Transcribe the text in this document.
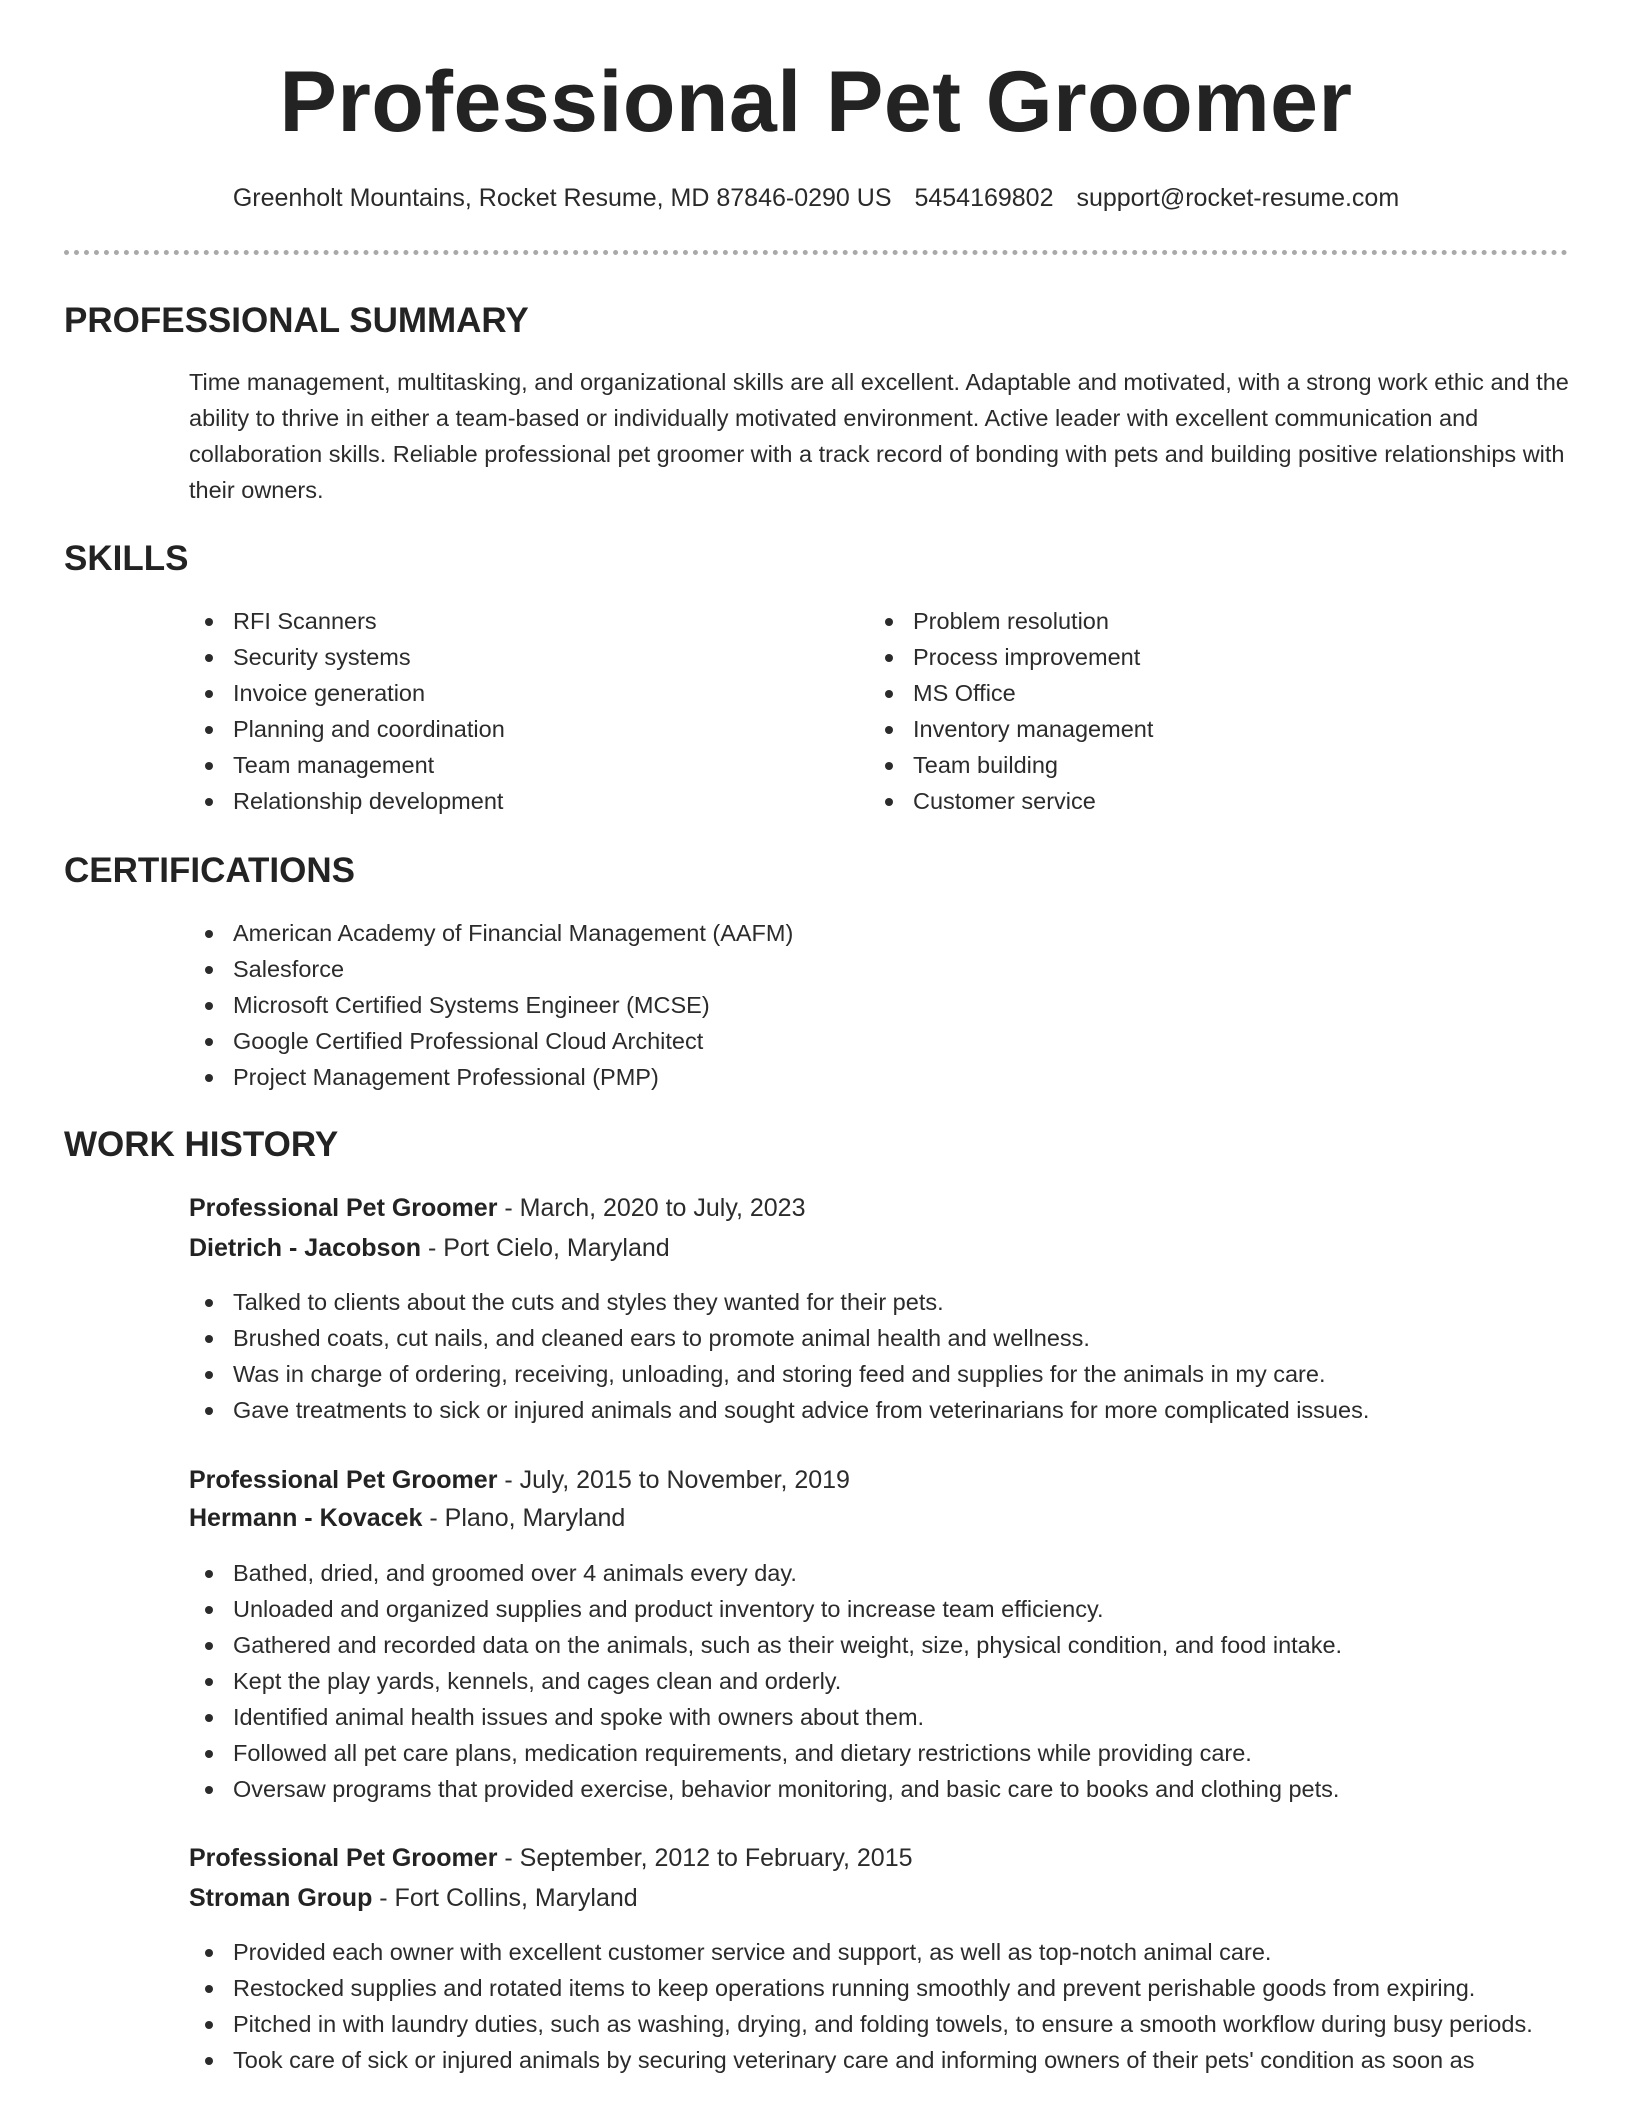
Professional Pet Groomer
Greenholt Mountains, Rocket Resume, MD 87846-0290 US 5454169802 support@rocket-resume.com
PROFESSIONAL SUMMARY
Time management, multitasking, and organizational skills are all excellent. Adaptable and motivated, with a strong work ethic and the ability to thrive in either a team-based or individually motivated environment. Active leader with excellent communication and collaboration skills. Reliable professional pet groomer with a track record of bonding with pets and building positive relationships with their owners.
SKILLS
RFI Scanners
Security systems
Invoice generation
Planning and coordination
Team management
Relationship development
Problem resolution
Process improvement
MS Office
Inventory management
Team building
Customer service
CERTIFICATIONS
American Academy of Financial Management (AAFM)
Salesforce
Microsoft Certified Systems Engineer (MCSE)
Google Certified Professional Cloud Architect
Project Management Professional (PMP)
WORK HISTORY
Professional Pet Groomer - March, 2020 to July, 2023
Dietrich - Jacobson - Port Cielo, Maryland
Talked to clients about the cuts and styles they wanted for their pets.
Brushed coats, cut nails, and cleaned ears to promote animal health and wellness.
Was in charge of ordering, receiving, unloading, and storing feed and supplies for the animals in my care.
Gave treatments to sick or injured animals and sought advice from veterinarians for more complicated issues.
Professional Pet Groomer - July, 2015 to November, 2019
Hermann - Kovacek - Plano, Maryland
Bathed, dried, and groomed over 4 animals every day.
Unloaded and organized supplies and product inventory to increase team efficiency.
Gathered and recorded data on the animals, such as their weight, size, physical condition, and food intake.
Kept the play yards, kennels, and cages clean and orderly.
Identified animal health issues and spoke with owners about them.
Followed all pet care plans, medication requirements, and dietary restrictions while providing care.
Oversaw programs that provided exercise, behavior monitoring, and basic care to books and clothing pets.
Professional Pet Groomer - September, 2012 to February, 2015
Stroman Group - Fort Collins, Maryland
Provided each owner with excellent customer service and support, as well as top-notch animal care.
Restocked supplies and rotated items to keep operations running smoothly and prevent perishable goods from expiring.
Pitched in with laundry duties, such as washing, drying, and folding towels, to ensure a smooth workflow during busy periods.
Took care of sick or injured animals by securing veterinary care and informing owners of their pets' condition as soon as
